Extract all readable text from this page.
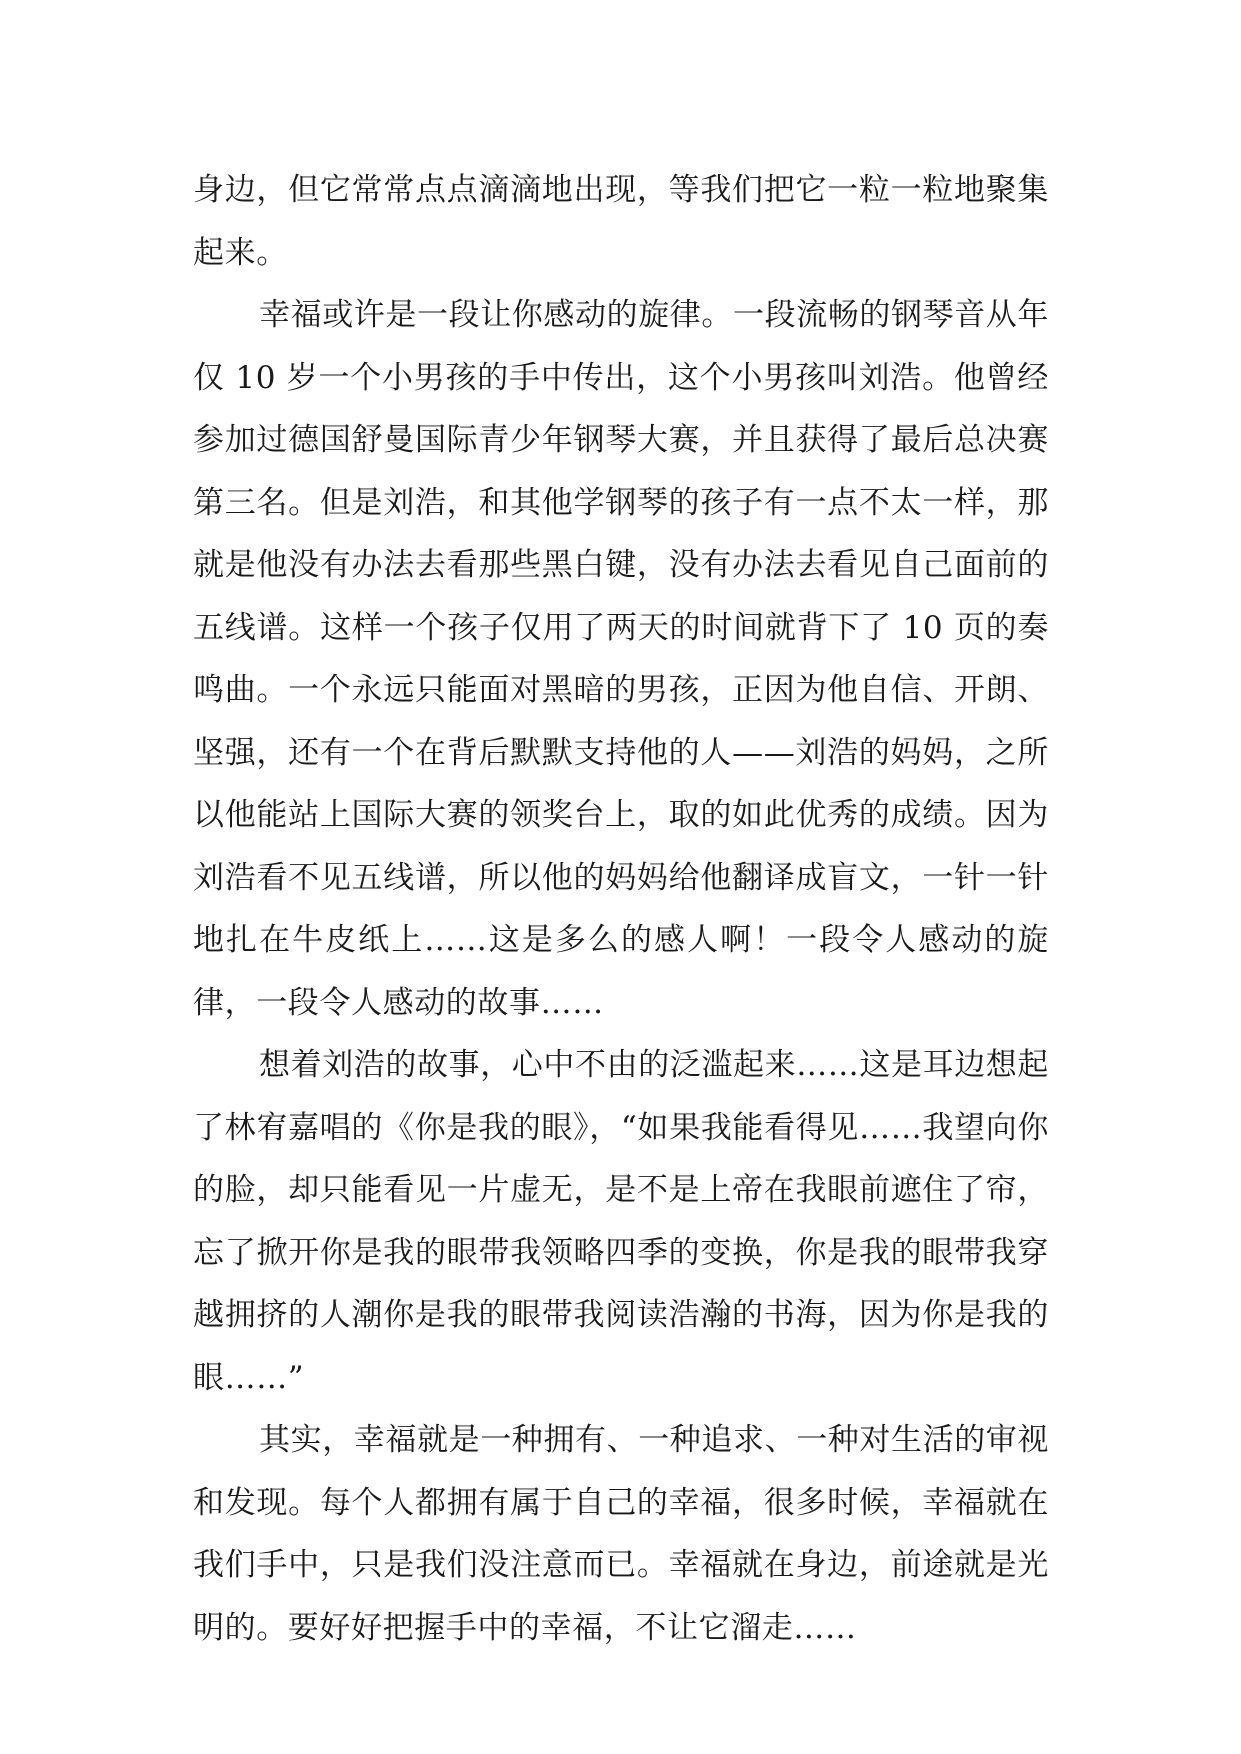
身边，但它常常点点滴滴地出现，等我们把它一粒一粒地聚集起来。

幸福或许是一段让你感动的旋律。一段流畅的钢琴音从年仅 10 岁一个小男孩的手中传出，这个小男孩叫刘浩。他曾经参加过德国舒曼国际青少年钢琴大赛，并且获得了最后总决赛第三名。但是刘浩，和其他学钢琴的孩子有一点不太一样，那就是他没有办法去看那些黑白键，没有办法去看见自己面前的五线谱。这样一个孩子仅用了两天的时间就背下了 10 页的奏鸣曲。一个永远只能面对黑暗的男孩，正因为他自信、开朗、坚强，还有一个在背后默默支持他的人——刘浩的妈妈，之所以他能站上国际大赛的领奖台上，取的如此优秀的成绩。因为刘浩看不见五线谱，所以他的妈妈给他翻译成盲文，一针一针地扎在牛皮纸上……这是多么的感人啊！一段令人感动的旋律，一段令人感动的故事……

想着刘浩的故事，心中不由的泛滥起来……这是耳边想起了林宥嘉唱的《你是我的眼》，“如果我能看得见……我望向你的脸，却只能看见一片虚无，是不是上帝在我眼前遮住了帘，忘了掀开你是我的眼带我领略四季的变换，你是我的眼带我穿越拥挤的人潮你是我的眼带我阅读浩瀚的书海，因为你是我的眼……”

其实，幸福就是一种拥有、一种追求、一种对生活的审视和发现。每个人都拥有属于自己的幸福，很多时候，幸福就在我们手中，只是我们没注意而已。幸福就在身边，前途就是光明的。要好好把握手中的幸福，不让它溜走……
